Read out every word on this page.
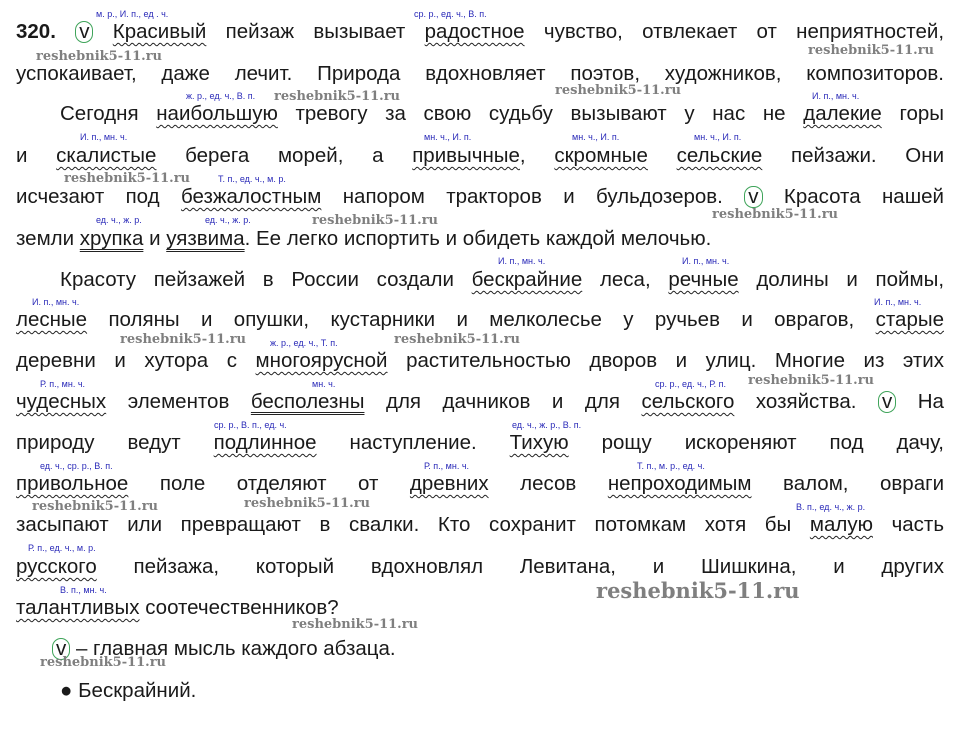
320. v Красивый пейзаж вызывает радостное чувство, отвлекает от неприятностей,
успокаивает, даже лечит. Природа вдохновляет поэтов, художников, композиторов.
Сегодня наибольшую тревогу за свою судьбу вызывают у нас не далекие горы
и скалистые берега морей, а привычные, скромные сельские пейзажи. Они
исчезают под безжалостным напором тракторов и бульдозеров. v Красота нашей
земли хрупка и уязвима. Ее легко испортить и обидеть каждой мелочью.
Красоту пейзажей в России создали бескрайние леса, речные долины и поймы,
лесные поляны и опушки, кустарники и мелколесье у ручьев и оврагов, старые
деревни и хутора с многоярусной растительностью дворов и улиц. Многие из этих
чудесных элементов бесполезны для дачников и для сельского хозяйства. v На
природу ведут подлинное наступление. Тихую рощу искореняют под дачу,
привольное поле отделяют от древних лесов непроходимым валом, овраги
засыпают или превращают в свалки. Кто сохранит потомкам хотя бы малую часть
русского пейзажа, который вдохновлял Левитана, и Шишкина, и других
талантливых соотечественников?
v – главная мысль каждого абзаца.
● Бескрайний.
м. р., И. п., ед . ч.	ср. р., ед. ч., В. п.
ж. р., ед. ч., В. п.	И. п., мн. ч.
И. п., мн. ч.	мн. ч., И. п.	мн. ч., И. п.	мн. ч., И. п.
Т. п., ед. ч., м. р.
ед. ч., ж. р.	ед. ч., ж. р.
И. п., мн. ч.	И. п., мн. ч.
И. п., мн. ч.	И. п., мн. ч.
ж. р., ед. ч., Т. п.
Р. п., мн. ч.	мн. ч.	ср. р., ед. ч., Р. п.
ср. р., В. п., ед. ч.	ед. ч., ж. р., В. п.
ед. ч., ср. р., В. п.	Р. п., мн. ч.	Т. п., м. р., ед. ч.
В. п., ед. ч., ж. р.
Р. п., ед. ч., м. р.
В. п., мн. ч.
reshebnik5-11.ru
reshebnik5-11.ru
reshebnik5-11.ru
reshebnik5-11.ru
reshebnik5-11.ru
reshebnik5-11.ru	reshebnik5-11.ru
reshebnik5-11.ru	reshebnik5-11.ru
reshebnik5-11.ru
reshebnik5-11.ru	reshebnik5-11.ru
reshebnik5-11.ru
reshebnik5-11.ru
reshebnik5-11.ru
